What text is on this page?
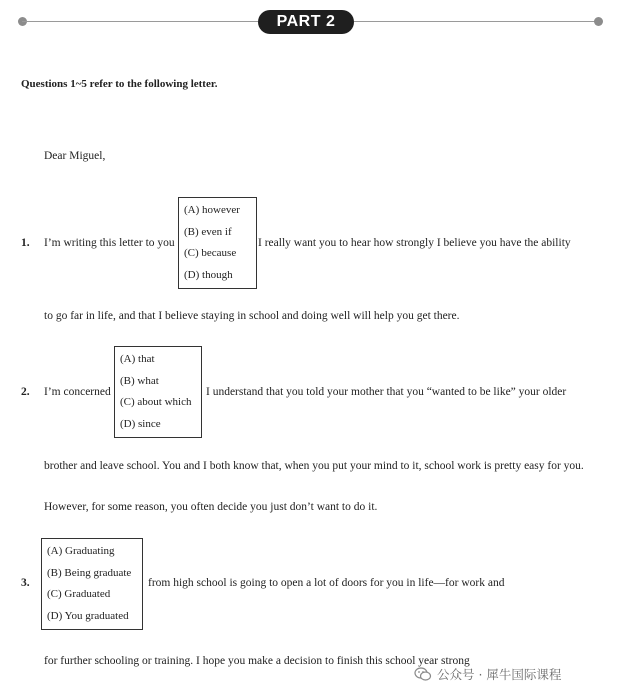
PART 2
Questions 1~5 refer to the following letter.
Dear Miguel,
1. I’m writing this letter to you
(A) however
(B) even if
(C) because
(D) though
I really want you to hear how strongly I believe you have the ability
to go far in life, and that I believe staying in school and doing well will help you get there.
2. I’m concerned
(A) that
(B) what
(C) about which
(D) since
I understand that you told your mother that you “wanted to be like” your older
brother and leave school. You and I both know that, when you put your mind to it, school work is pretty easy for you.
However, for some reason, you often decide you just don’t want to do it.
3.
(A) Graduating
(B) Being graduate
(C) Graduated
(D) You graduated
from high school is going to open a lot of doors for you in life—for work and
for further schooling or training. I hope you make a decision to finish this school year strong
公众号 · 犀牛国际课程
